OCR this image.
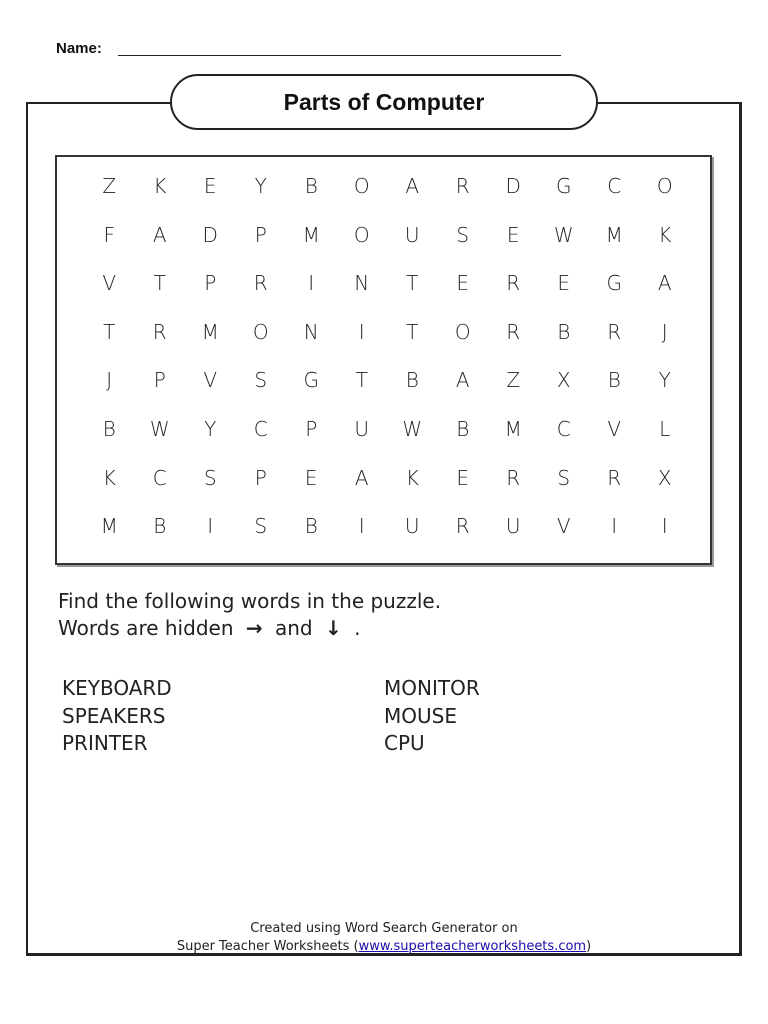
Name:
Parts of Computer
Z	K	E	Y	B	O	A	R	D	G	C	O
F	A	D	P	M	O	U	S	E	W	M	K
V	T	P	R	I	N	T	E	R	E	G	A
T	R	M	O	N	I	T	O	R	B	R	J
J	P	V	S	G	T	B	A	Z	X	B	Y
B	W	Y	C	P	U	W	B	M	C	V	L
K	C	S	P	E	A	K	E	R	S	R	X
M	B	I	S	B	I	U	R	U	V	I	I
Find the following words in the puzzle.
Words are hidden → and ↓ .
KEYBOARD	MONITOR
SPEAKERS	MOUSE
PRINTER	CPU
Created using Word Search Generator on
Super Teacher Worksheets (www.superteacherworksheets.com)
